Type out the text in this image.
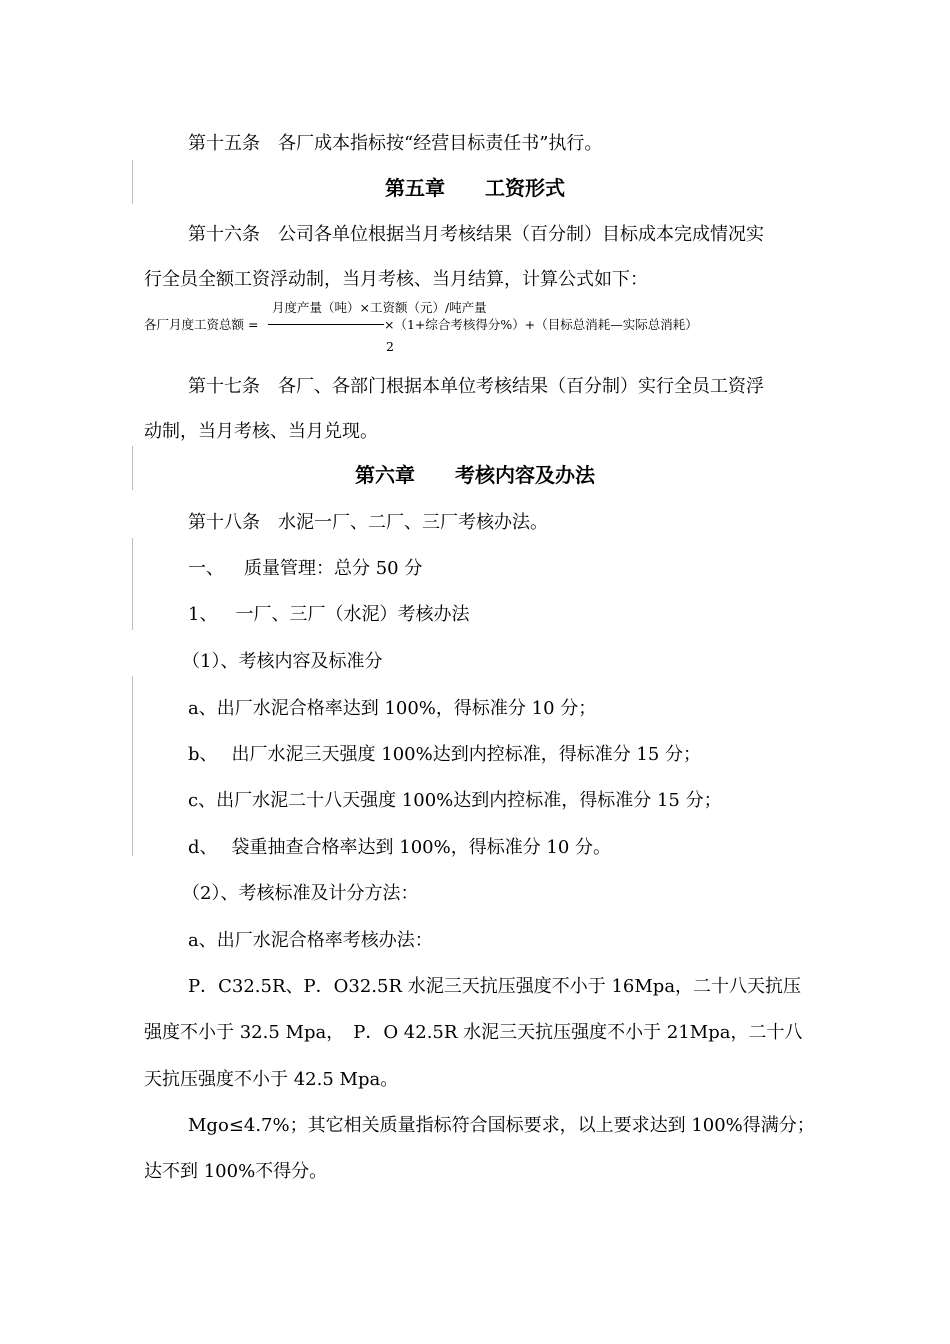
第十五条　各厂成本指标按“经营目标责任书”执行。
第五章 工资形式
第十六条　公司各单位根据当月考核结果（百分制）目标成本完成情况实
行全员全额工资浮动制，当月考核、当月结算，计算公式如下：
月度产量（吨）×工资额（元）/吨产量
各厂月度工资总额 =	×（1+综合考核得分%）+（目标总消耗—实际总消耗）
2
第十七条　各厂、各部门根据本单位考核结果（百分制）实行全员工资浮
动制，当月考核、当月兑现。
第六章 考核内容及办法
第十八条　水泥一厂、二厂、三厂考核办法。
一、 质量管理：总分 50 分
1、 一厂、三厂（水泥）考核办法
（1）、考核内容及标准分
a、出厂水泥合格率达到 100%，得标准分 10 分；
b、 出厂水泥三天强度 100%达到内控标准，得标准分 15 分；
c、出厂水泥二十八天强度 100%达到内控标准，得标准分 15 分；
d、 袋重抽查合格率达到 100%，得标准分 10 分。
（2）、考核标准及计分方法：
a、出厂水泥合格率考核办法：
P．C32.5R、P．O32.5R 水泥三天抗压强度不小于 16Mpa，二十八天抗压
强度不小于 32.5 Mpa，　P．O 42.5R 水泥三天抗压强度不小于 21Mpa，二十八
天抗压强度不小于 42.5 Mpa。
Mgo≤4.7%；其它相关质量指标符合国标要求，以上要求达到 100%得满分；
达不到 100%不得分。
